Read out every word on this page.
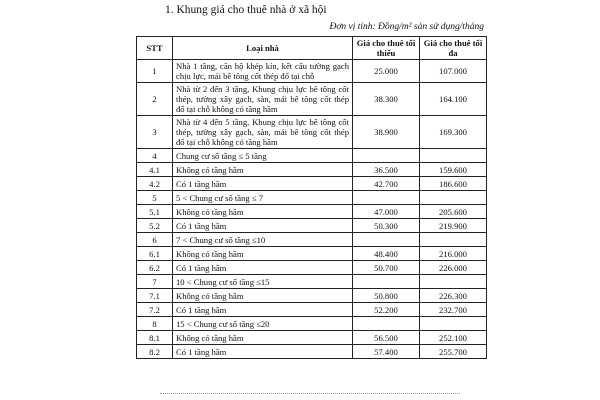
1. Khung giá cho thuê nhà ở xã hội
Đơn vị tính: Đồng/m² sàn sử dụng/tháng
STT	Loại nhà	Giá cho thuê tối thiểu	Giá cho thuê tối đa
1	Nhà 1 tầng, căn hộ khép kín, kết cấu tường gạch chịu lực, mái bê tông cốt thép đổ tại chỗ	25.000	107.000
2	Nhà từ 2 đến 3 tầng, Khung chịu lực bê tông cốt thép, tường xây gạch, sàn, mái bê tông cốt thép đổ tại chỗ không có tầng hầm	38.300	164.100
3	Nhà từ 4 đến 5 tầng, Khung chịu lực bê tông cốt thép, tường xây gạch, sàn, mái bê tông cốt thép đổ tại chỗ không có tầng hầm	38.900	169.300
4	Chung cư số tầng ≤ 5 tầng		
4.1	Không có tầng hầm	36.500	159.600
4.2	Có 1 tầng hầm	42.700	186.600
5	5 < Chung cư số tầng ≤ 7		
5.1	Không có tầng hầm	47.000	205.600
5.2	Có 1 tầng hầm	50.300	219.900
6	7 < Chung cư số tầng ≤10		
6.1	Không có tầng hầm	48.400	216.000
6.2	Có 1 tầng hầm	50.700	226.000
7	10 < Chung cư số tầng ≤15		
7.1	Không có tầng hầm	50.800	226.300
7.2	Có 1 tầng hầm	52.200	232.700
8	15 < Chung cư số tầng ≤20		
8.1	Không có tầng hầm	56.500	252.100
8.2	Có 1 tầng hầm	57.400	255.700
